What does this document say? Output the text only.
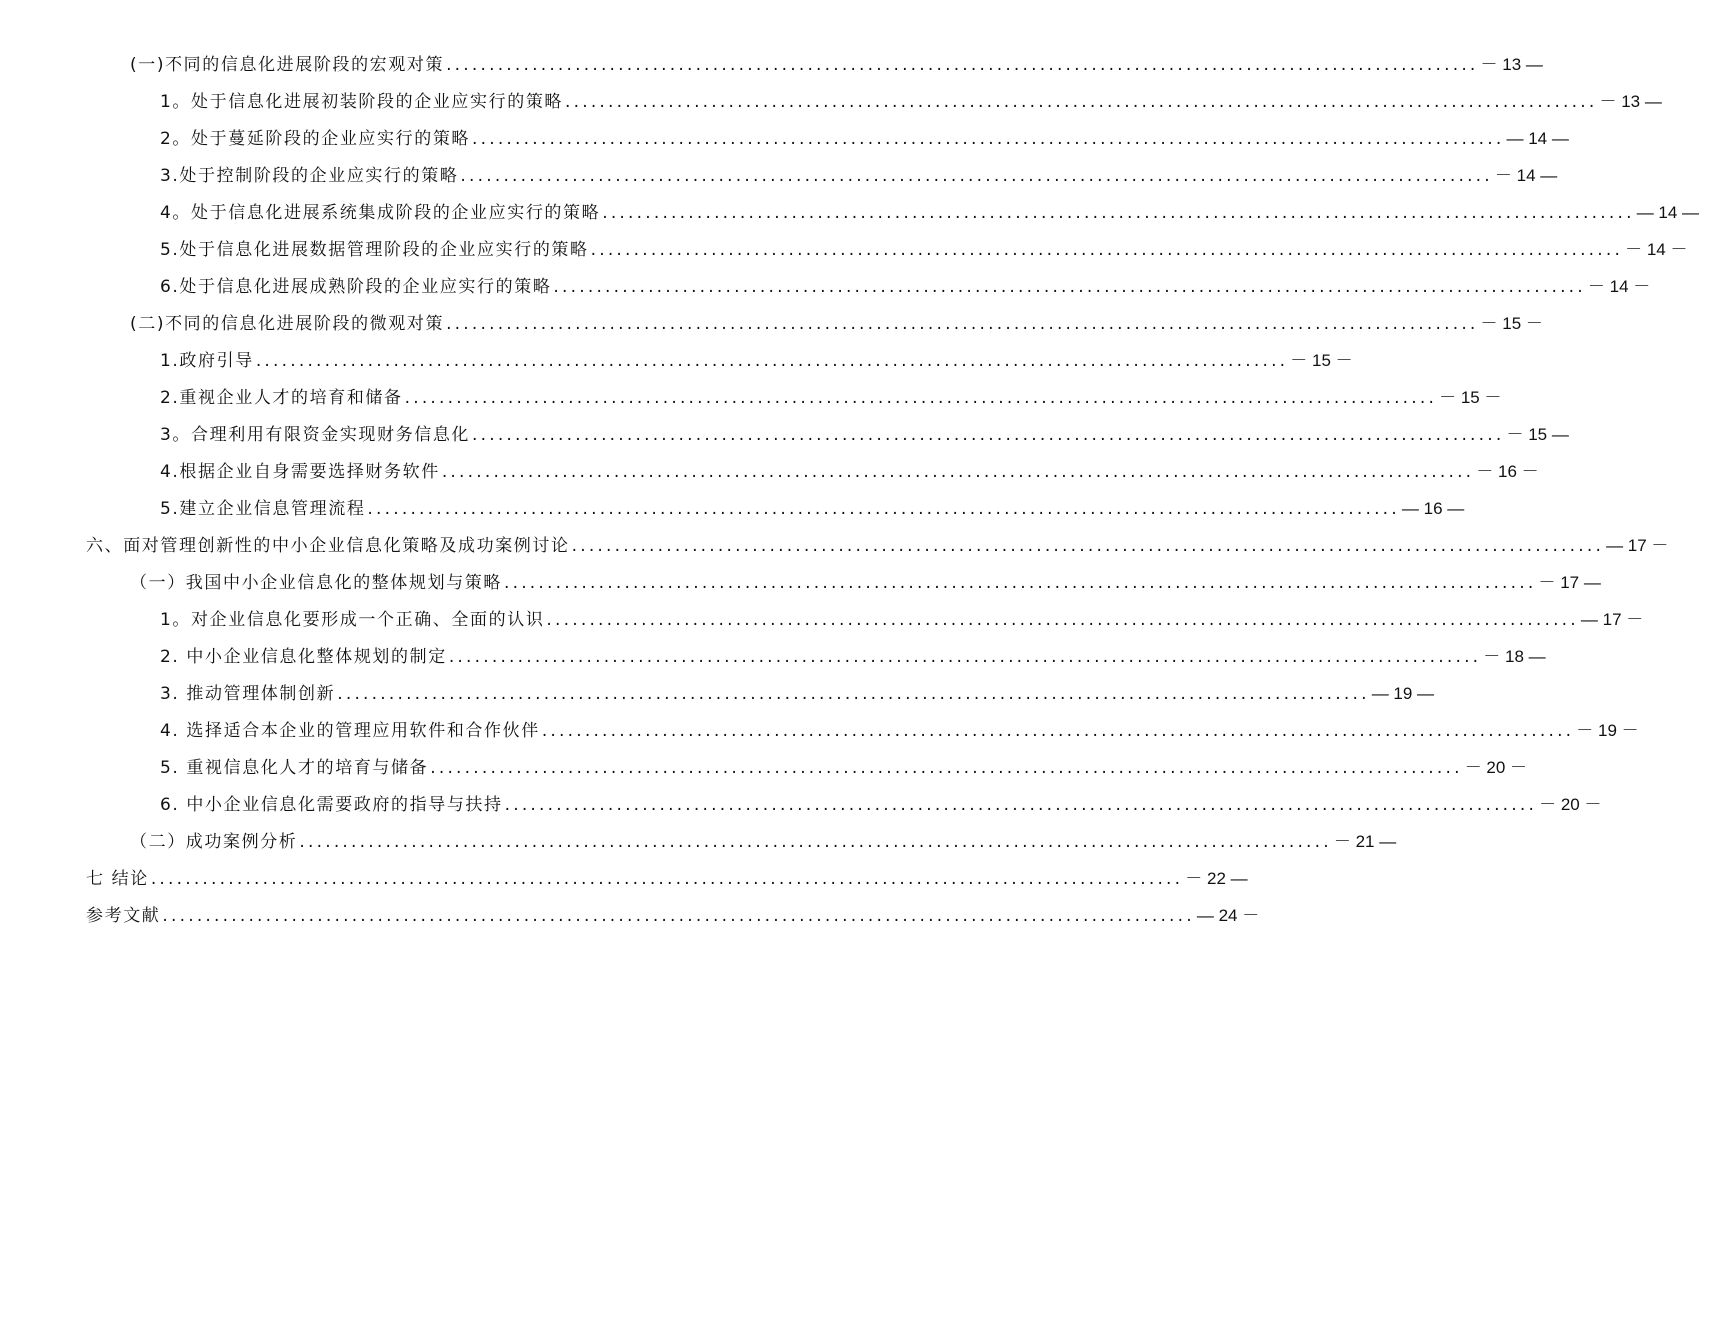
(一)不同的信息化进展阶段的宏观对策 ........................................................................................................................ － 13 —
1。处于信息化进展初装阶段的企业应实行的策略 ........................................................................................................................ － 13 —
2。处于蔓延阶段的企业应实行的策略 ........................................................................................................................ — 14 —
3.处于控制阶段的企业应实行的策略 ........................................................................................................................ － 14 —
4。处于信息化进展系统集成阶段的企业应实行的策略 ........................................................................................................................ — 14 —
5.处于信息化进展数据管理阶段的企业应实行的策略 ........................................................................................................................ － 14 －
6.处于信息化进展成熟阶段的企业应实行的策略 ........................................................................................................................ － 14 －
(二)不同的信息化进展阶段的微观对策 ........................................................................................................................ － 15 －
1.政府引导 ........................................................................................................................ － 15 －
2.重视企业人才的培育和储备 ........................................................................................................................ － 15 －
3。合理利用有限资金实现财务信息化 ........................................................................................................................ － 15 —
4.根据企业自身需要选择财务软件 ........................................................................................................................ － 16 －
5.建立企业信息管理流程 ........................................................................................................................ — 16 —
六、面对管理创新性的中小企业信息化策略及成功案例讨论 ........................................................................................................................ — 17 －
（一）我国中小企业信息化的整体规划与策略 ........................................................................................................................ － 17 —
1。对企业信息化要形成一个正确、全面的认识 ........................................................................................................................ — 17 －
2. 中小企业信息化整体规划的制定 ........................................................................................................................ － 18 —
3. 推动管理体制创新 ........................................................................................................................ — 19 —
4. 选择适合本企业的管理应用软件和合作伙伴 ........................................................................................................................ － 19 －
5. 重视信息化人才的培育与储备 ........................................................................................................................ － 20 －
6. 中小企业信息化需要政府的指导与扶持 ........................................................................................................................ － 20 －
（二）成功案例分析 ........................................................................................................................ － 21 —
七 结论 ........................................................................................................................ － 22 —
参考文献 ........................................................................................................................ — 24 －
